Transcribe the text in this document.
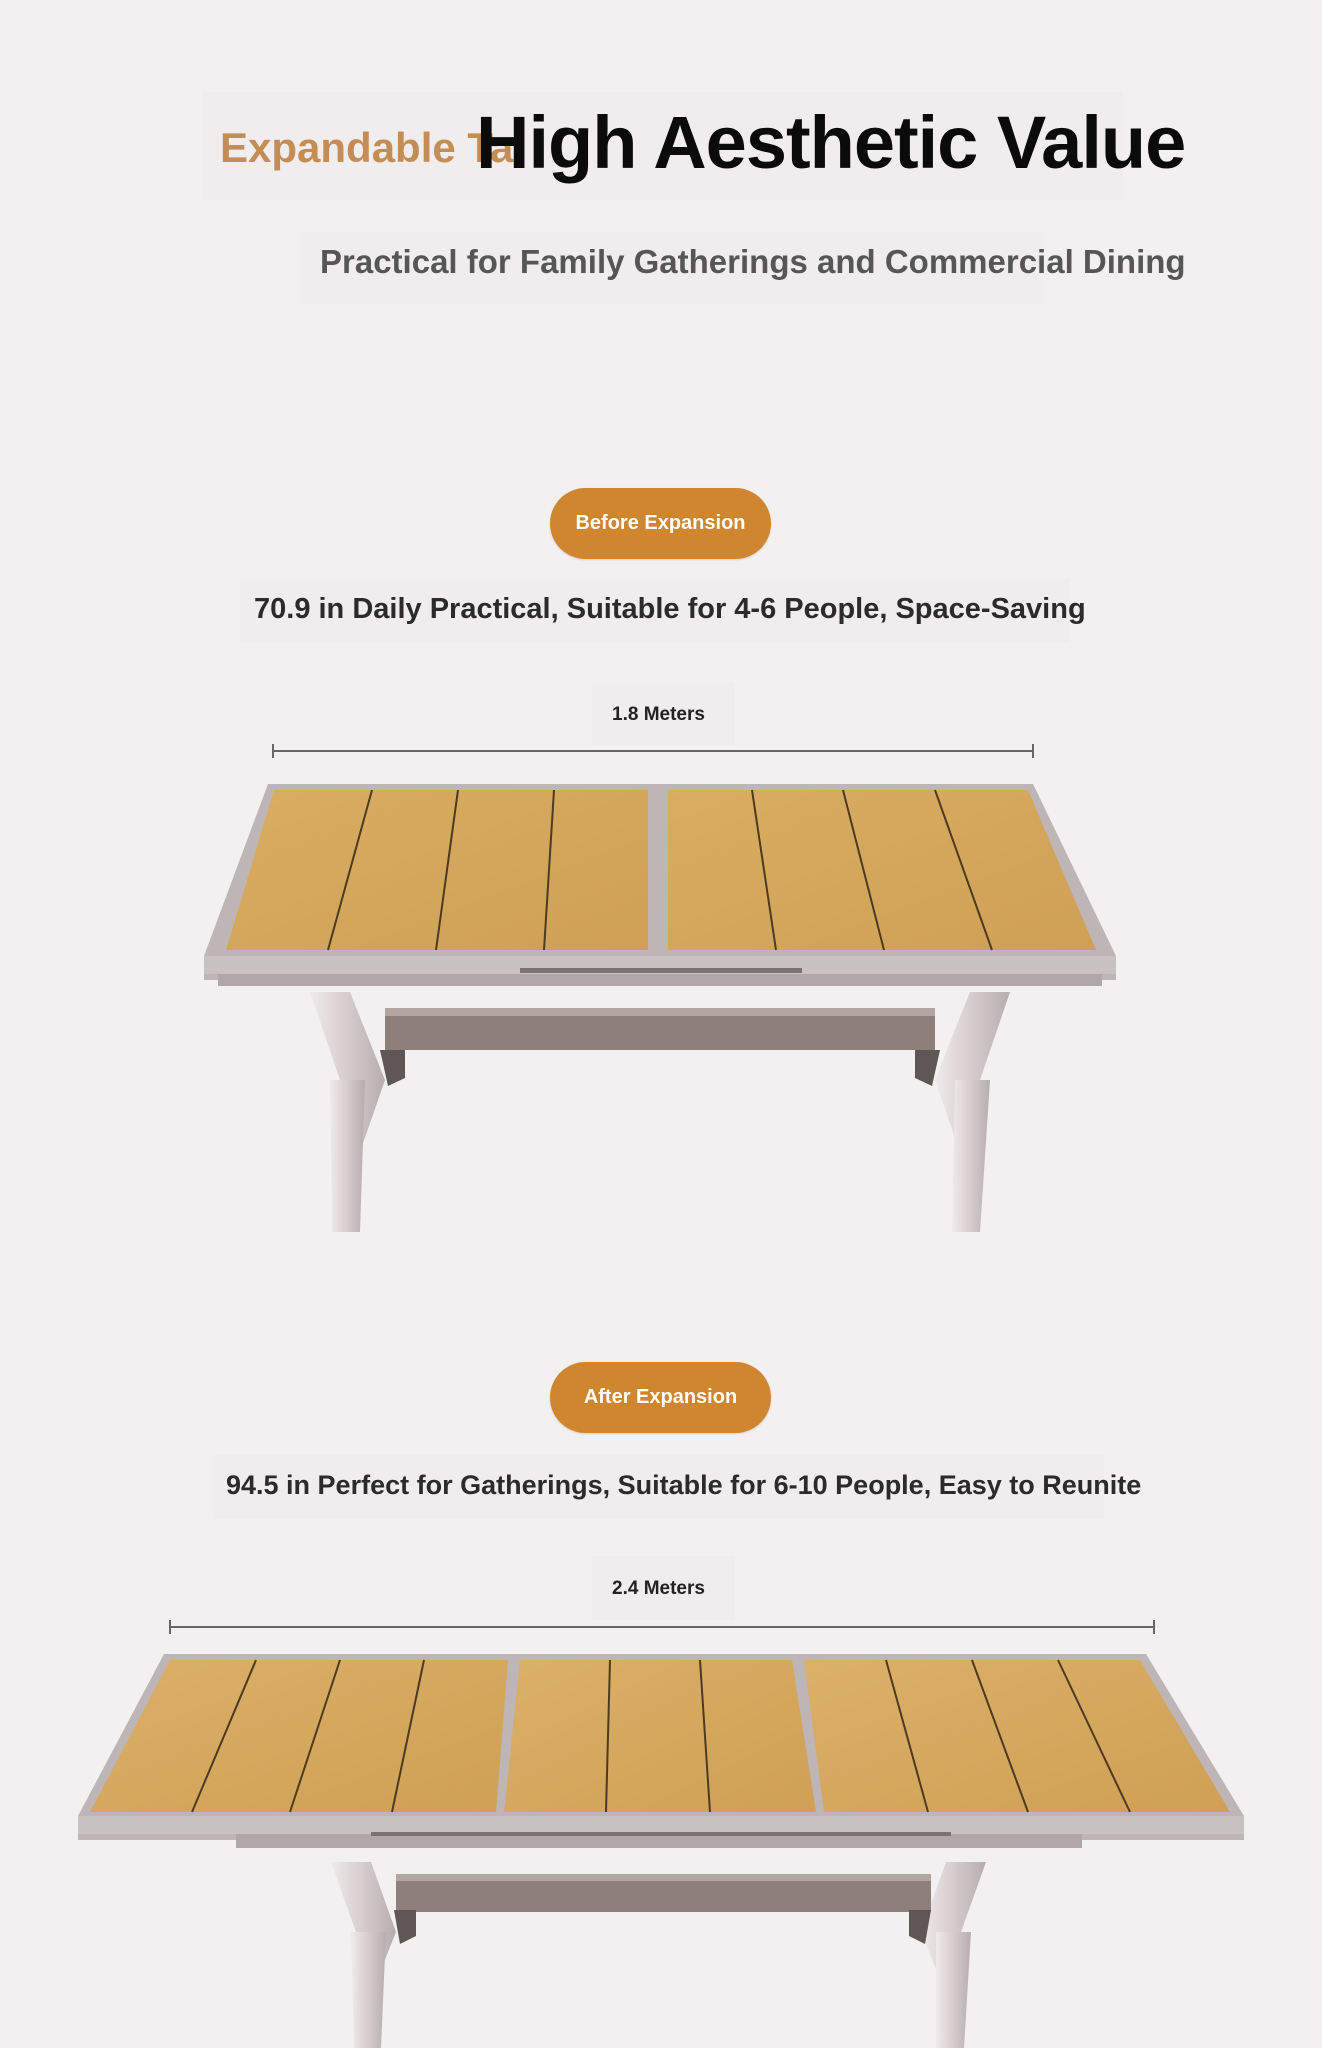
Expandable Ta
High Aesthetic Value
Practical for Family Gatherings and Commercial Dining
Before Expansion
70.9 in Daily Practical, Suitable for 4-6 People, Space-Saving
1.8 Meters
After Expansion
94.5 in Perfect for Gatherings, Suitable for 6-10 People, Easy to Reunite
2.4 Meters
